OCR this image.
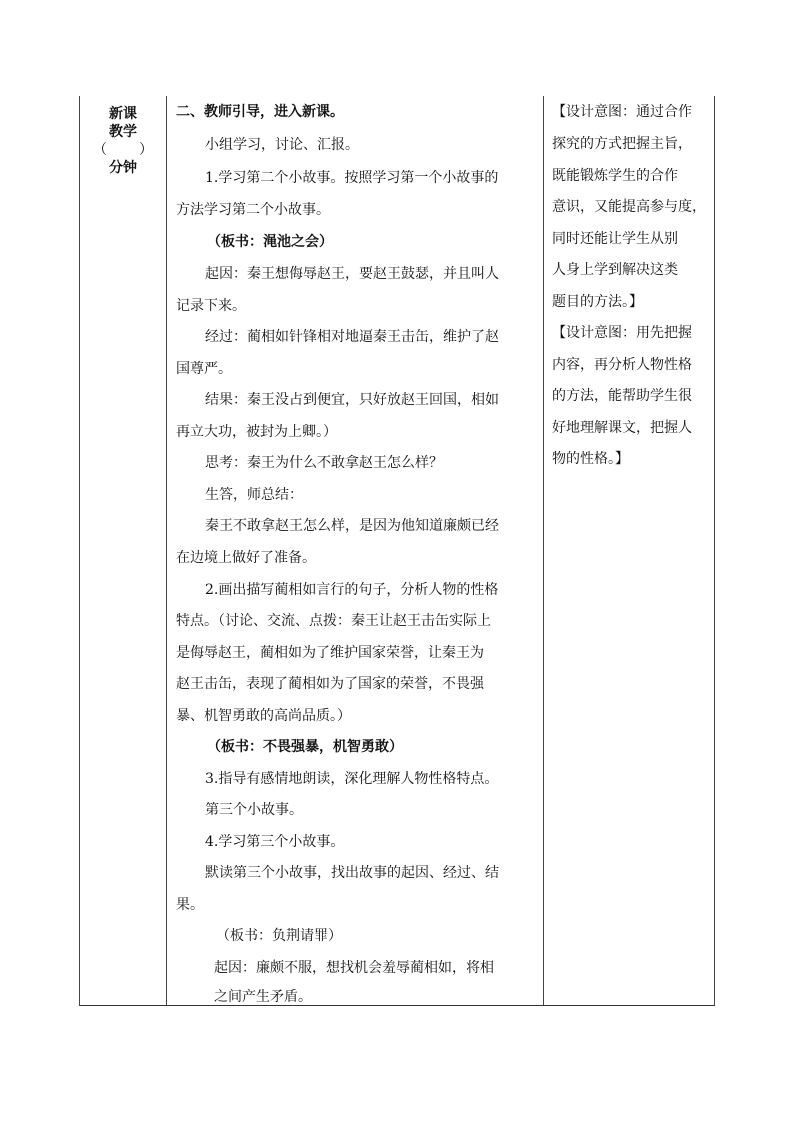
新课
教学
（ ）
分钟
二、教师引导，进入新课。
小组学习，讨论、汇报。
1.学习第二个小故事。按照学习第一个小故事的
方法学习第二个小故事。
（板书：渑池之会）
起因：秦王想侮辱赵王，要赵王鼓瑟，并且叫人
记录下来。
经过：蔺相如针锋相对地逼秦王击缶，维护了赵
国尊严。
结果：秦王没占到便宜，只好放赵王回国，相如
再立大功，被封为上卿。）
思考：秦王为什么不敢拿赵王怎么样？
生答，师总结：
秦王不敢拿赵王怎么样，是因为他知道廉颇已经
在边境上做好了准备。
2.画出描写蔺相如言行的句子，分析人物的性格
特点。（讨论、交流、点拨：秦王让赵王击缶实际上
是侮辱赵王，蔺相如为了维护国家荣誉，让秦王为
赵王击缶，表现了蔺相如为了国家的荣誉，不畏强
暴、机智勇敢的高尚品质。）
（板书：不畏强暴，机智勇敢）
3.指导有感情地朗读，深化理解人物性格特点。
第三个小故事。
4.学习第三个小故事。
默读第三个小故事，找出故事的起因、经过、结
果。
（板书：负荆请罪）
起因：廉颇不服，想找机会羞辱蔺相如，将相
之间产生矛盾。
【设计意图：通过合作
探究的方式把握主旨，
既能锻炼学生的合作
意识，又能提高参与度，
同时还能让学生从别
人身上学到解决这类
题目的方法。】
【设计意图：用先把握
内容，再分析人物性格
的方法，能帮助学生很
好地理解课文，把握人
物的性格。】
